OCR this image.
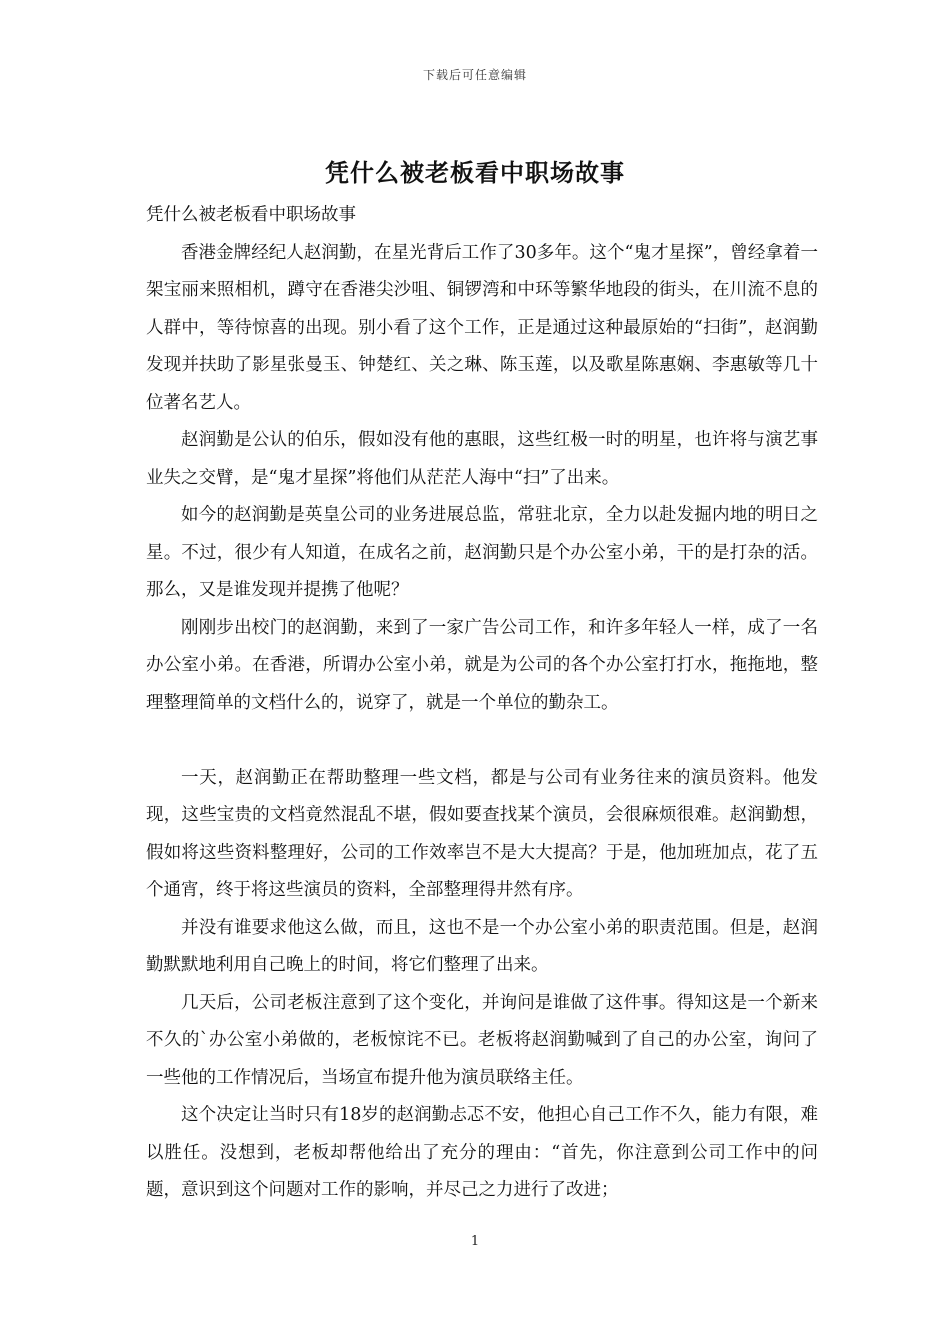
下载后可任意编辑
凭什么被老板看中职场故事

凭什么被老板看中职场故事

香港金牌经纪人赵润勤，在星光背后工作了30多年。这个“鬼才星探”，曾经拿着一架宝丽来照相机，蹲守在香港尖沙咀、铜锣湾和中环等繁华地段的街头，在川流不息的人群中，等待惊喜的出现。别小看了这个工作，正是通过这种最原始的“扫街”，赵润勤发现并扶助了影星张曼玉、钟楚红、关之琳、陈玉莲，以及歌星陈惠娴、李惠敏等几十位著名艺人。

赵润勤是公认的伯乐，假如没有他的惠眼，这些红极一时的明星，也许将与演艺事业失之交臂，是“鬼才星探”将他们从茫茫人海中“扫”了出来。

如今的赵润勤是英皇公司的业务进展总监，常驻北京，全力以赴发掘内地的明日之星。不过，很少有人知道，在成名之前，赵润勤只是个办公室小弟，干的是打杂的活。那么，又是谁发现并提携了他呢？

刚刚步出校门的赵润勤，来到了一家广告公司工作，和许多年轻人一样，成了一名办公室小弟。在香港，所谓办公室小弟，就是为公司的各个办公室打打水，拖拖地，整理整理简单的文档什么的，说穿了，就是一个单位的勤杂工。

一天，赵润勤正在帮助整理一些文档，都是与公司有业务往来的演员资料。他发现，这些宝贵的文档竟然混乱不堪，假如要查找某个演员，会很麻烦很难。赵润勤想，假如将这些资料整理好，公司的工作效率岂不是大大提高？于是，他加班加点，花了五个通宵，终于将这些演员的资料，全部整理得井然有序。

并没有谁要求他这么做，而且，这也不是一个办公室小弟的职责范围。但是，赵润勤默默地利用自己晚上的时间，将它们整理了出来。

几天后，公司老板注意到了这个变化，并询问是谁做了这件事。得知这是一个新来不久的`办公室小弟做的，老板惊诧不已。老板将赵润勤喊到了自己的办公室，询问了一些他的工作情况后，当场宣布提升他为演员联络主任。

这个决定让当时只有18岁的赵润勤忐忑不安，他担心自己工作不久，能力有限，难以胜任。没想到，老板却帮他给出了充分的理由：“首先，你注意到公司工作中的问题，意识到这个问题对工作的影响，并尽己之力进行了改进；

1
